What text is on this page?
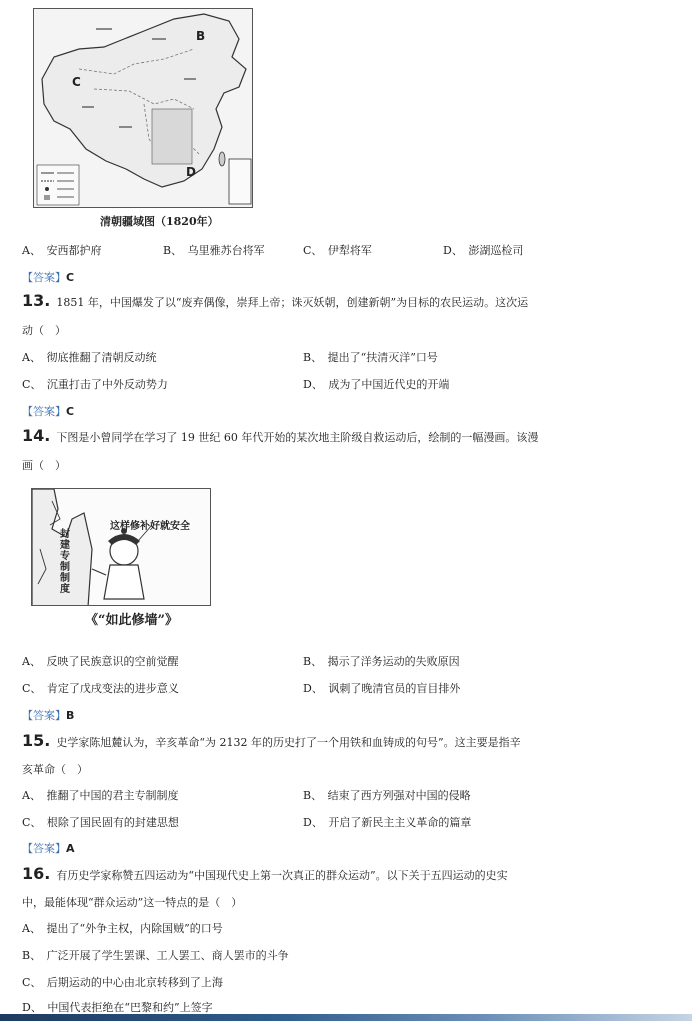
B
C
D
清朝疆域图（1820年）
A、　 安西都护府	B、　 乌里雅苏台将军	C、　 伊犁将军	D、　 澎湖巡检司
【答案】C
13. 1851 年，中国爆发了以“废弃偶像，崇拜上帝；诛灭妖朝，创建新朝”为目标的农民运动。这次运
动（　）
A、　 彻底推翻了清朝反动统	B、　 提出了“扶清灭洋”口号
C、　 沉重打击了中外反动势力	D、　 成为了中国近代史的开端
【答案】C
14. 下图是小曾同学在学习了 19 世纪 60 年代开始的某次地主阶级自救运动后，绘制的一幅漫画。该漫
画（　）
这样修补好就安全
封建专制制度
《“如此修墙”》
A、　 反映了民族意识的空前觉醒	B、　 揭示了洋务运动的失败原因
C、　 肯定了戊戌变法的进步意义	D、　 讽刺了晚清官员的盲目排外
【答案】B
15. 史学家陈旭麓认为，辛亥革命“为 2132 年的历史打了一个用铁和血铸成的句号”。这主要是指辛
亥革命（　）
A、　 推翻了中国的君主专制制度	B、　 结束了西方列强对中国的侵略
C、　 根除了国民固有的封建思想	D、　 开启了新民主主义革命的篇章
【答案】A
16. 有历史学家称赞五四运动为“中国现代史上第一次真正的群众运动”。以下关于五四运动的史实
中，最能体现“群众运动”这一特点的是（　）
A、　 提出了“外争主权，内除国贼”的口号
B、　 广泛开展了学生罢课、工人罢工、商人罢市的斗争
C、　 后期运动的中心由北京转移到了上海
D、　 中国代表拒绝在“巴黎和约”上签字
